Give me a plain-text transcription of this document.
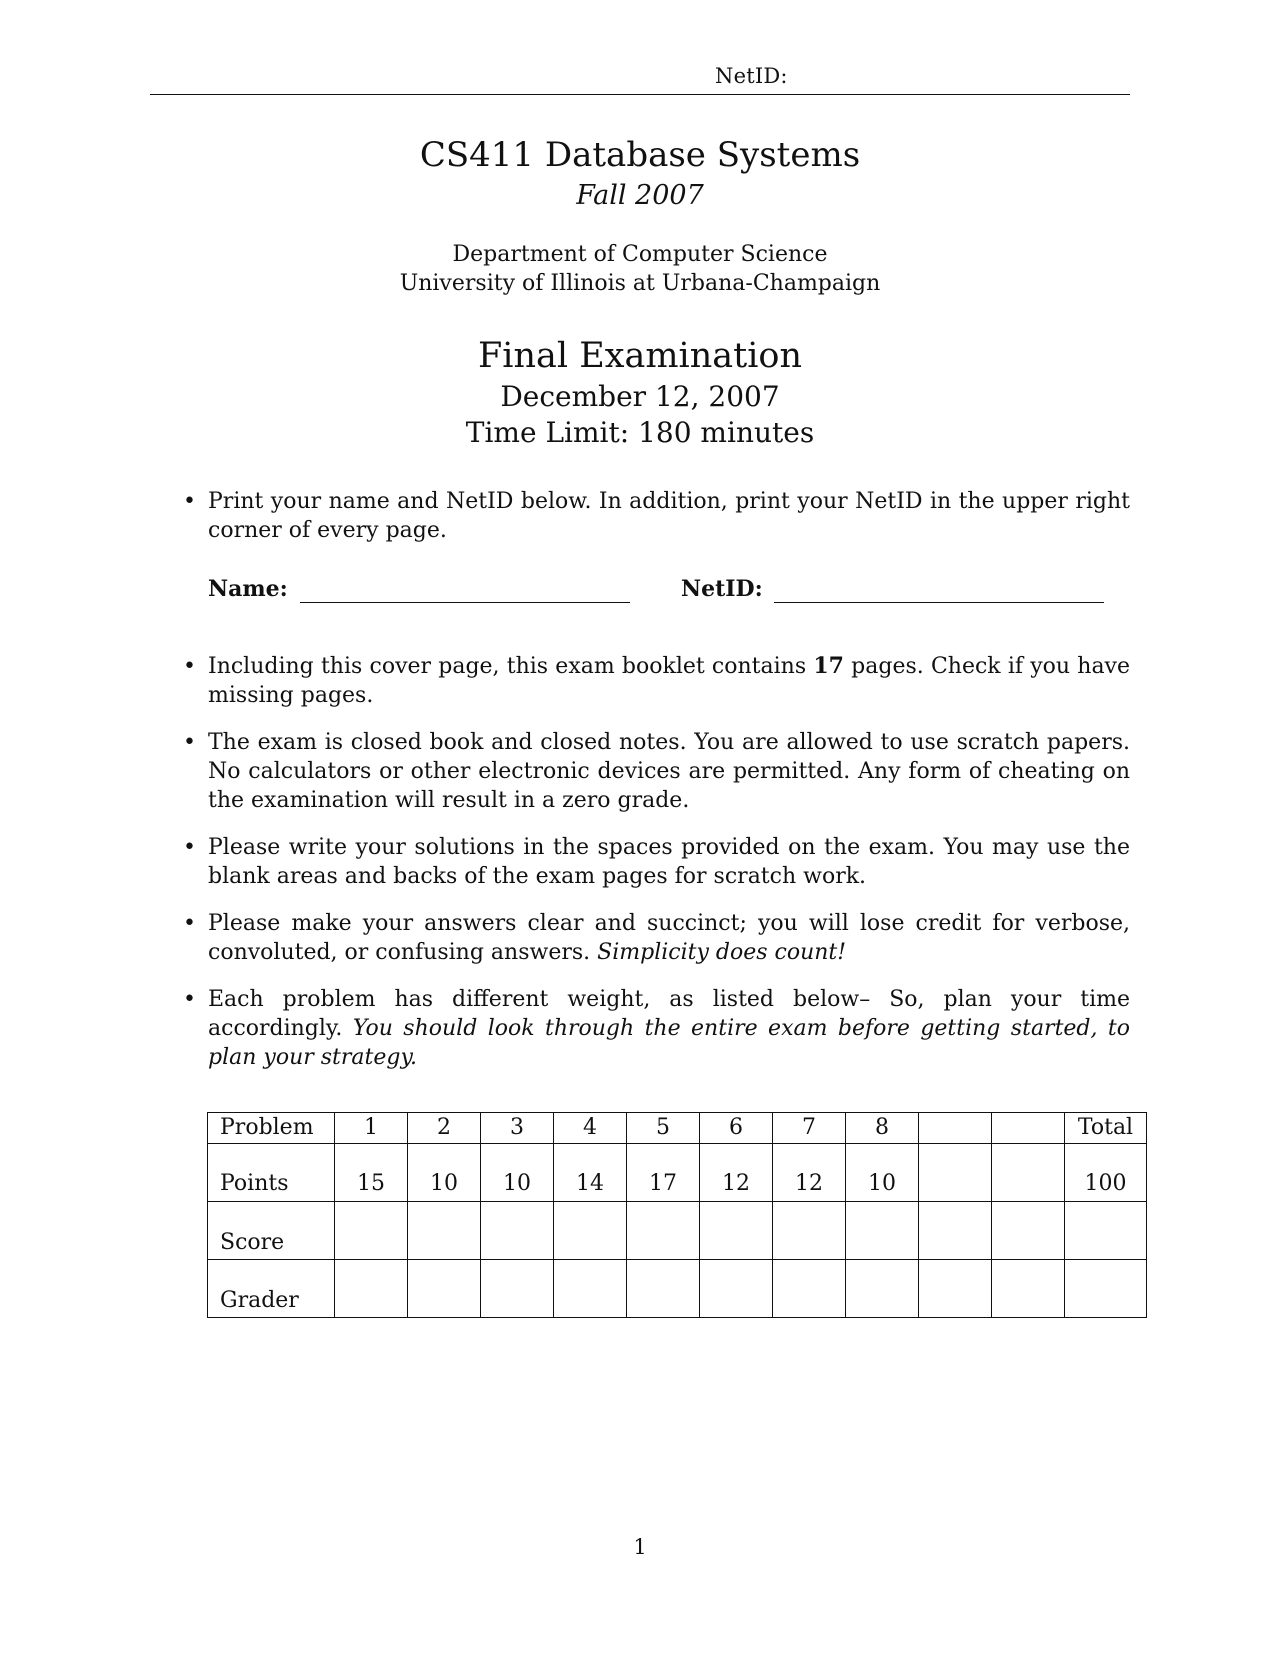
NetID:
CS411 Database Systems
Fall 2007
Department of Computer Science
University of Illinois at Urbana-Champaign
Final Examination
December 12, 2007
Time Limit: 180 minutes
• Print your name and NetID below. In addition, print your NetID in the upper right corner of every page.
Name:	NetID:
• Including this cover page, this exam booklet contains 17 pages. Check if you have missing pages.
• The exam is closed book and closed notes. You are allowed to use scratch papers. No calculators or other electronic devices are permitted. Any form of cheating on the examination will result in a zero grade.
• Please write your solutions in the spaces provided on the exam. You may use the blank areas and backs of the exam pages for scratch work.
• Please make your answers clear and succinct; you will lose credit for verbose, convoluted, or confusing answers. Simplicity does count!
• Each problem has different weight, as listed below– So, plan your time accordingly. You should look through the entire exam before getting started, to plan your strategy.
Problem	1	2	3	4	5	6	7	8			Total

Points	15	10	10	14	17	12	12	10			100

Score											

Grader											

1
